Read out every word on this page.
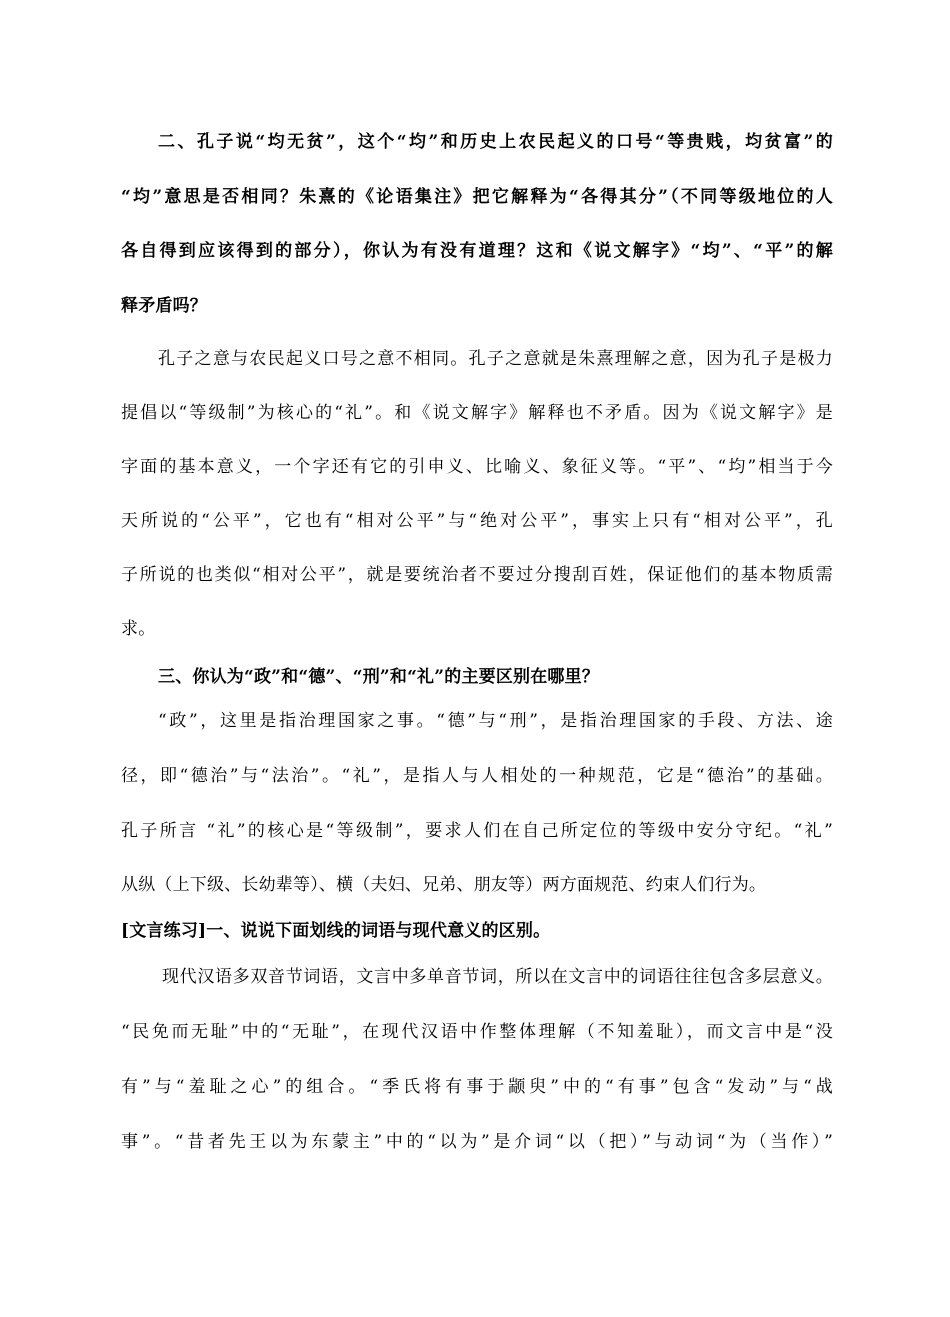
二、孔子说“均无贫”，这个“均”和历史上农民起义的口号“等贵贱，均贫富”的
“均”意思是否相同？朱熹的《论语集注》把它解释为“各得其分”（不同等级地位的人
各自得到应该得到的部分），你认为有没有道理？这和《说文解字》“均”、“平”的解
释矛盾吗？
孔子之意与农民起义口号之意不相同。孔子之意就是朱熹理解之意，因为孔子是极力
提倡以“等级制”为核心的“礼”。和《说文解字》解释也不矛盾。因为《说文解字》是
字面的基本意义，一个字还有它的引申义、比喻义、象征义等。“平”、“均”相当于今
天所说的“公平”，它也有“相对公平”与“绝对公平”，事实上只有“相对公平”，孔
子所说的也类似“相对公平”，就是要统治者不要过分搜刮百姓，保证他们的基本物质需
求。
三、你认为“政”和“德”、“刑”和“礼”的主要区别在哪里？
“政”，这里是指治理国家之事。“德”与“刑”，是指治理国家的手段、方法、途
径，即“德治”与“法治”。“礼”，是指人与人相处的一种规范，它是“德治”的基础。
孔子所言 “礼”的核心是“等级制”，要求人们在自己所定位的等级中安分守纪。“礼”
从纵（上下级、长幼辈等）、横（夫妇、兄弟、朋友等）两方面规范、约束人们行为。
[文言练习]一、说说下面划线的词语与现代意义的区别。
现代汉语多双音节词语，文言中多单音节词，所以在文言中的词语往往包含多层意义。
“民免而无耻”中的“无耻”，在现代汉语中作整体理解（不知羞耻），而文言中是“没
有”与“羞耻之心”的组合。“季氏将有事于颛臾”中的“有事”包含“发动”与“战
事”。“昔者先王以为东蒙主”中的“以为”是介词“以（把）”与动词“为（当作）”
